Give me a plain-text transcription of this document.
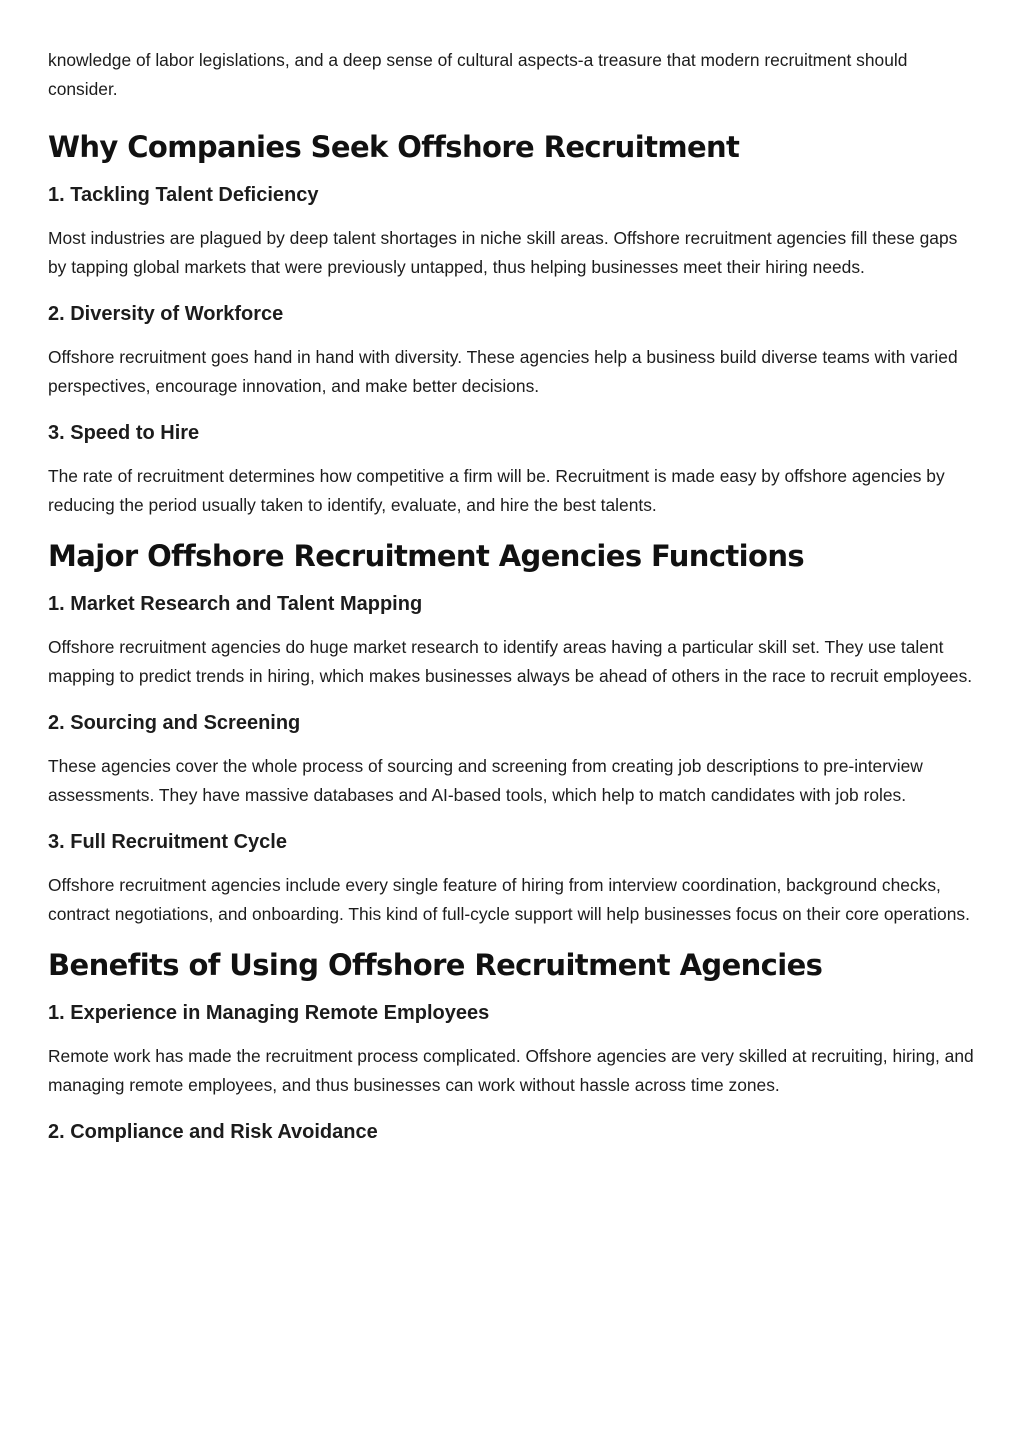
knowledge of labor legislations, and a deep sense of cultural aspects-a treasure that modern recruitment should consider.

Why Companies Seek Offshore Recruitment
1. Tackling Talent Deficiency

Most industries are plagued by deep talent shortages in niche skill areas. Offshore recruitment agencies fill these gaps by tapping global markets that were previously untapped, thus helping businesses meet their hiring needs.

2. Diversity of Workforce

Offshore recruitment goes hand in hand with diversity. These agencies help a business build diverse teams with varied perspectives, encourage innovation, and make better decisions.

3. Speed to Hire

The rate of recruitment determines how competitive a firm will be. Recruitment is made easy by offshore agencies by reducing the period usually taken to identify, evaluate, and hire the best talents.

Major Offshore Recruitment Agencies Functions
1. Market Research and Talent Mapping

Offshore recruitment agencies do huge market research to identify areas having a particular skill set. They use talent mapping to predict trends in hiring, which makes businesses always be ahead of others in the race to recruit employees.

2. Sourcing and Screening

These agencies cover the whole process of sourcing and screening from creating job descriptions to pre-interview assessments. They have massive databases and AI-based tools, which help to match candidates with job roles.

3. Full Recruitment Cycle

Offshore recruitment agencies include every single feature of hiring from interview coordination, background checks, contract negotiations, and onboarding. This kind of full-cycle support will help businesses focus on their core operations.

Benefits of Using Offshore Recruitment Agencies
1. Experience in Managing Remote Employees

Remote work has made the recruitment process complicated. Offshore agencies are very skilled at recruiting, hiring, and managing remote employees, and thus businesses can work without hassle across time zones.

2. Compliance and Risk Avoidance
